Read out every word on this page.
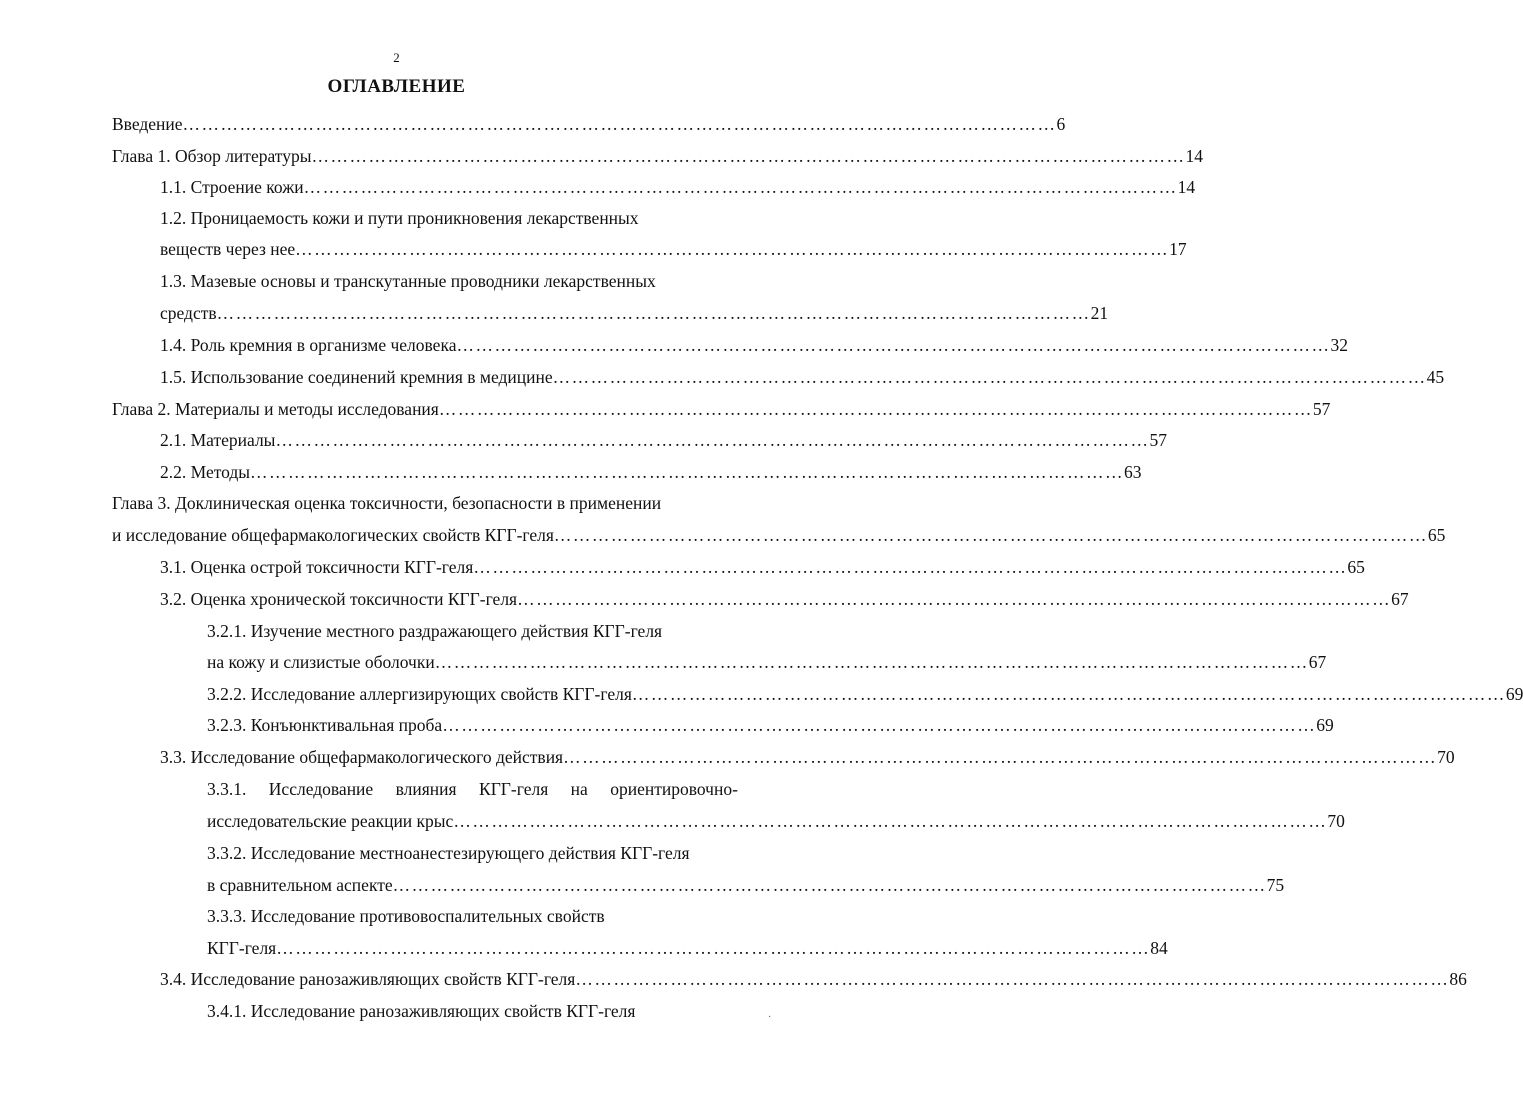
2
ОГЛАВЛЕНИЕ
Введение ………………………………………………………………………………………………………………………… 6
Глава 1. Обзор литературы ………………………………………………………………………………………………………………………… 14
1.1. Строение кожи ………………………………………………………………………………………………………………………… 14
1.2. Проницаемость кожи и пути проникновения лекарственных
веществ через нее ………………………………………………………………………………………………………………………… 17
1.3. Мазевые основы и транскутанные проводники лекарственных
средств ………………………………………………………………………………………………………………………… 21
1.4. Роль кремния в организме человека ………………………………………………………………………………………………………………………… 32
1.5. Использование соединений кремния в медицине ………………………………………………………………………………………………………………………… 45
Глава 2. Материалы и методы исследования ………………………………………………………………………………………………………………………… 57
2.1. Материалы ………………………………………………………………………………………………………………………… 57
2.2. Методы ………………………………………………………………………………………………………………………… 63
Глава 3. Доклиническая оценка токсичности, безопасности в применении
и исследование общефармакологических свойств КГГ-геля ………………………………………………………………………………………………………………………… 65
3.1. Оценка острой токсичности КГГ-геля ………………………………………………………………………………………………………………………… 65
3.2. Оценка хронической токсичности КГГ-геля ………………………………………………………………………………………………………………………… 67
3.2.1. Изучение местного раздражающего действия КГГ-геля
на кожу и слизистые оболочки ………………………………………………………………………………………………………………………… 67
3.2.2. Исследование аллергизирующих свойств КГГ-геля ………………………………………………………………………………………………………………………… 69
3.2.3. Конъюнктивальная проба ………………………………………………………………………………………………………………………… 69
3.3. Исследование общефармакологического действия ………………………………………………………………………………………………………………………… 70
3.3.1. Исследование влияния КГГ-геля на ориентировочно-
исследовательские реакции крыс ………………………………………………………………………………………………………………………… 70
3.3.2. Исследование местноанестезирующего действия КГГ-геля
в сравнительном аспекте ………………………………………………………………………………………………………………………… 75
3.3.3. Исследование противовоспалительных свойств
КГГ-геля ………………………………………………………………………………………………………………………… 84
3.4. Исследование ранозаживляющих свойств КГГ-геля ………………………………………………………………………………………………………………………… 86
3.4.1. Исследование ранозаживляющих свойств КГГ-геля	·
